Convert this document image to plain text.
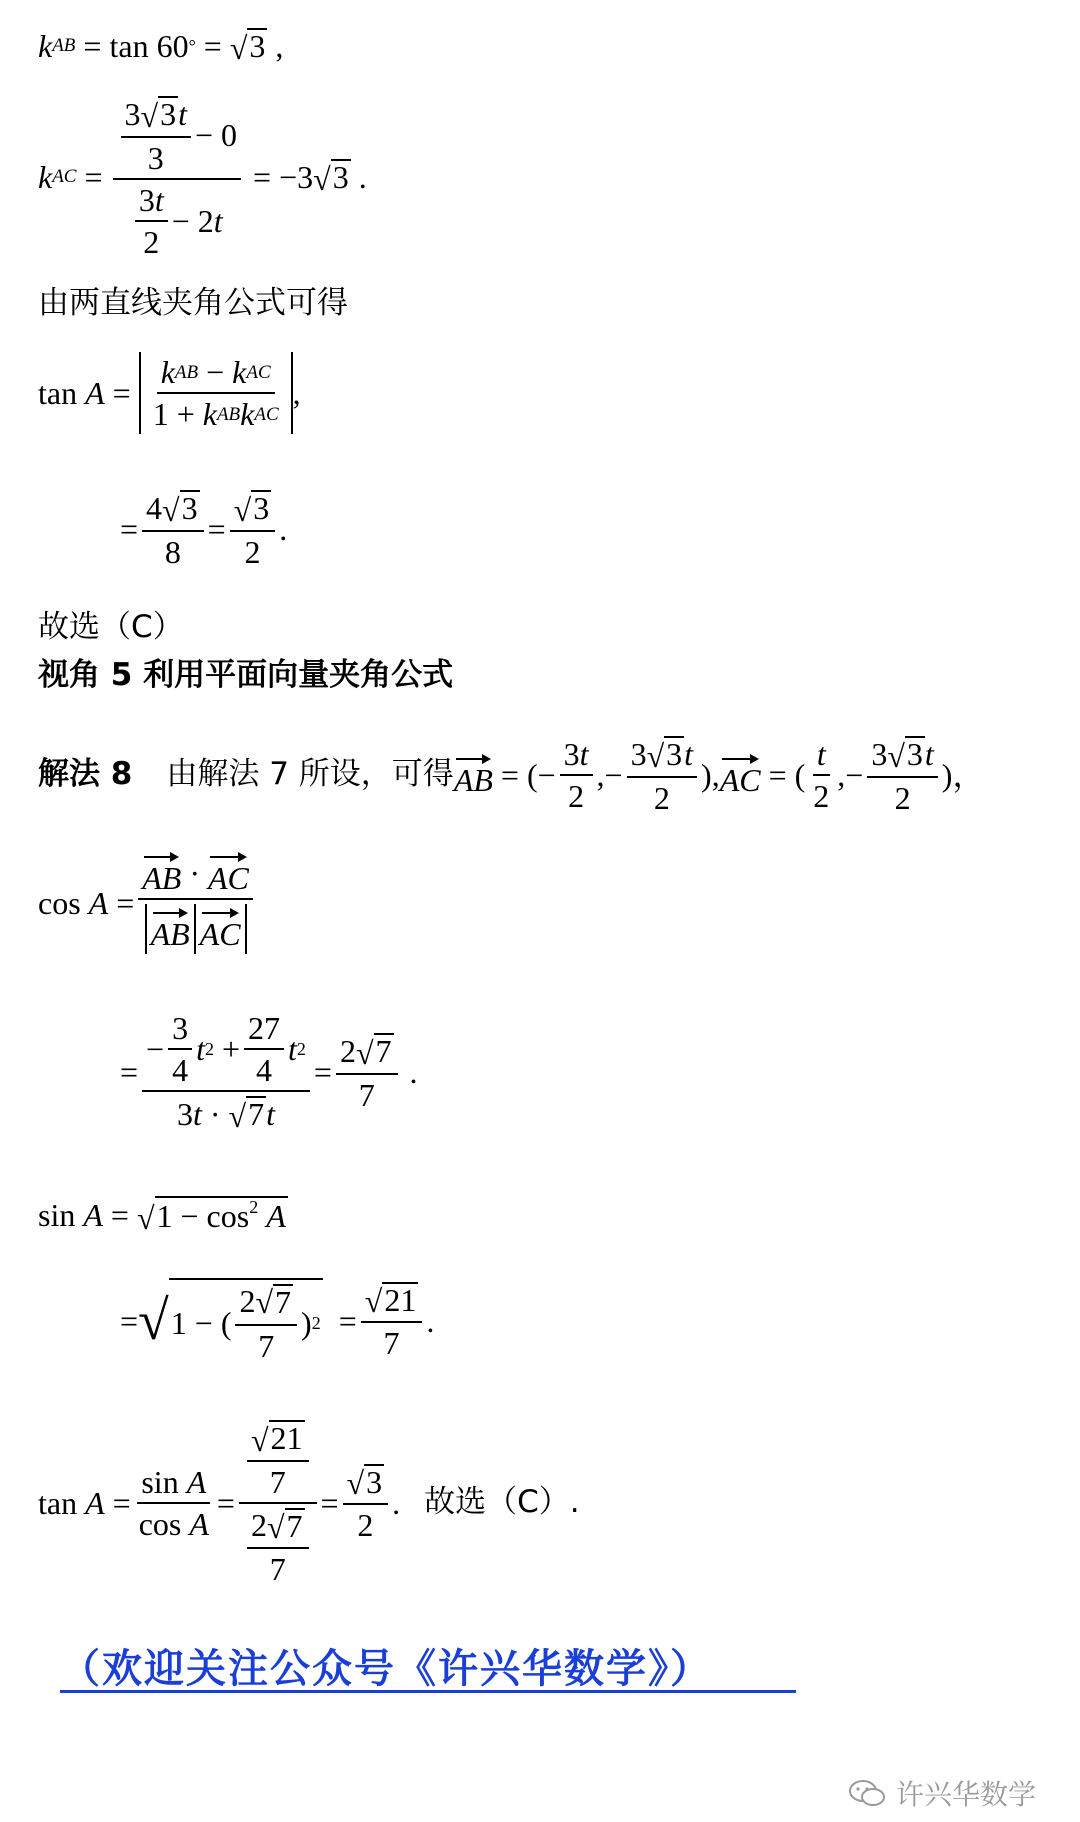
k AB = tan 60 ° = √ 3 ,
k AC = $\frac{\frac{3 √ 3 t}{3} - 0}{\frac{3 t}{2} - 2 t} = -3$ √ 3 .
由两直线夹角公式可得
$\tan A = \frac{\text{k AB − k AC}}{\text{1 + k AB k AC}}$ ,
= $\frac{4 √ 3}{8} = \frac{√ 3}{2}$ .
故选（C）
视角 5 利用平面向量夹角公式
解法 8 由解法 7 所设，可得 AB = (− $\frac{3 t}{2}$ ,− $\frac{3 √ 3 t}{2}$ ), AC = ( $\frac{t}{2}$ ,− $\frac{3 √ 3 t}{2}$ )，
$\cos A = \frac{AB \cdot AC}{\text{AB AC}}$
= $\frac{- \frac{3}{4} t 2 + \frac{27}{4} t 2}{3 t \cdot √ 7 t} = \frac{2 √ 7}{7}$ .
sin A = √ $1 - \cos^2 A$
= √ 1 − ( $\frac{2 √ 7}{7}$ ) $2 = \frac{√ 21}{7}$ .
$\tan A = \frac{\text{sin A}}{\text{cos A}} = \frac{\frac{√ 21}{7}}{\frac{2 √ 7}{7}} = \frac{√ 3}{2}$ . 故选（C）.
（欢迎关注公众号《许兴华数学》）
许兴华数学
